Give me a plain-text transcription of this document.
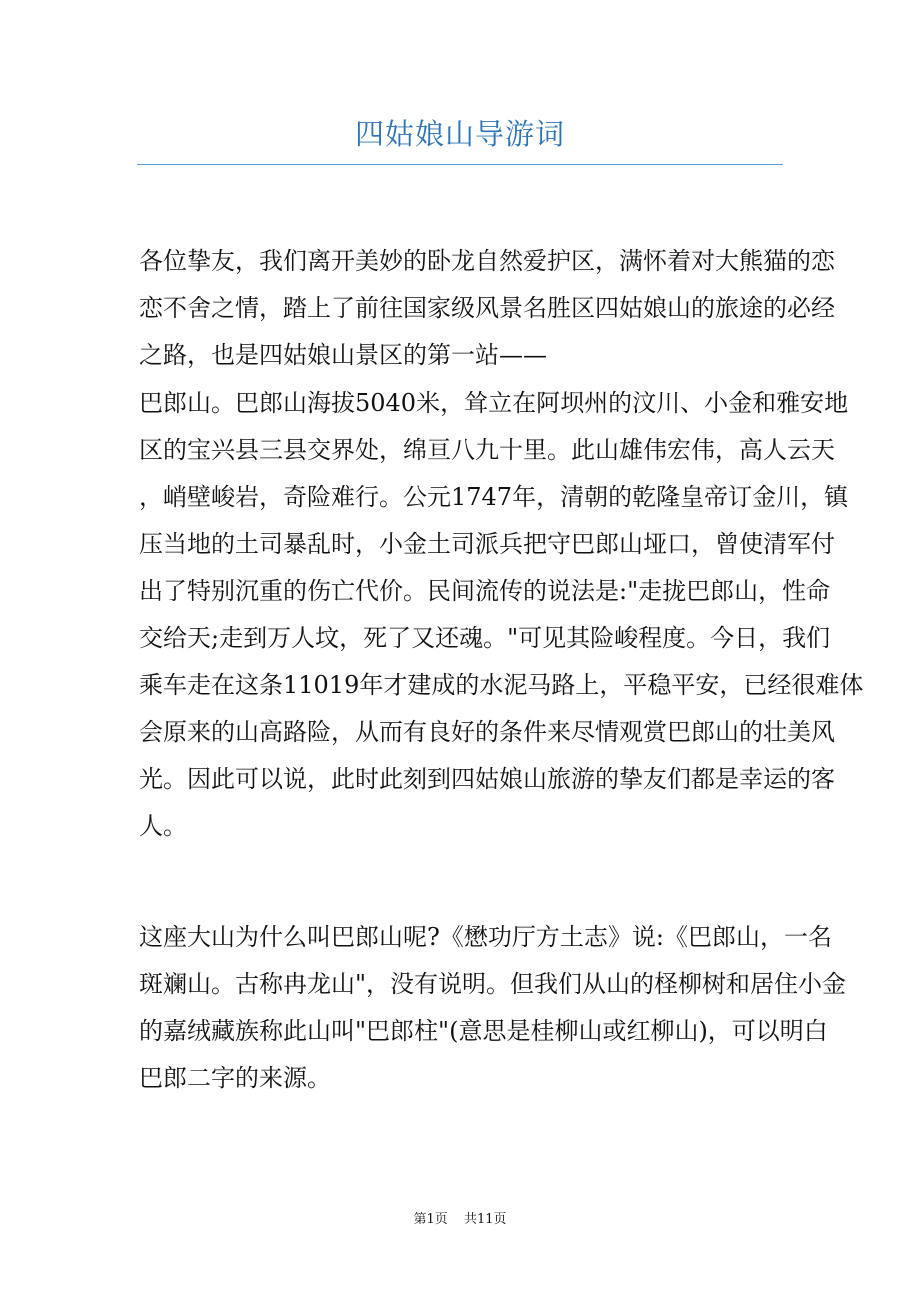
四姑娘山导游词
各位挚友，我们离开美妙的卧龙自然爱护区，满怀着对大熊猫的恋
恋不舍之情，踏上了前往国家级风景名胜区四姑娘山的旅途的必经
之路，也是四姑娘山景区的第一站——
巴郎山。巴郎山海拔5040米，耸立在阿坝州的汶川、小金和雅安地
区的宝兴县三县交界处，绵亘八九十里。此山雄伟宏伟，高人云天
，峭壁峻岩，奇险难行。公元1747年，清朝的乾隆皇帝订金川，镇
压当地的土司暴乱时，小金土司派兵把守巴郎山垭口，曾使清军付
出了特别沉重的伤亡代价。民间流传的说法是:"走拢巴郎山，性命
交给天;走到万人坟，死了又还魂。"可见其险峻程度。今日，我们
乘车走在这条11019年才建成的水泥马路上，平稳平安，已经很难体
会原来的山高路险，从而有良好的条件来尽情观赏巴郎山的壮美风
光。因此可以说，此时此刻到四姑娘山旅游的挚友们都是幸运的客
人。
这座大山为什么叫巴郎山呢?《懋功厅方土志》说:《巴郎山，一名
斑斓山。古称冉龙山"，没有说明。但我们从山的柽柳树和居住小金
的嘉绒藏族称此山叫"巴郎柱"(意思是桂柳山或红柳山)，可以明白
巴郎二字的来源。
第1页 共11页
